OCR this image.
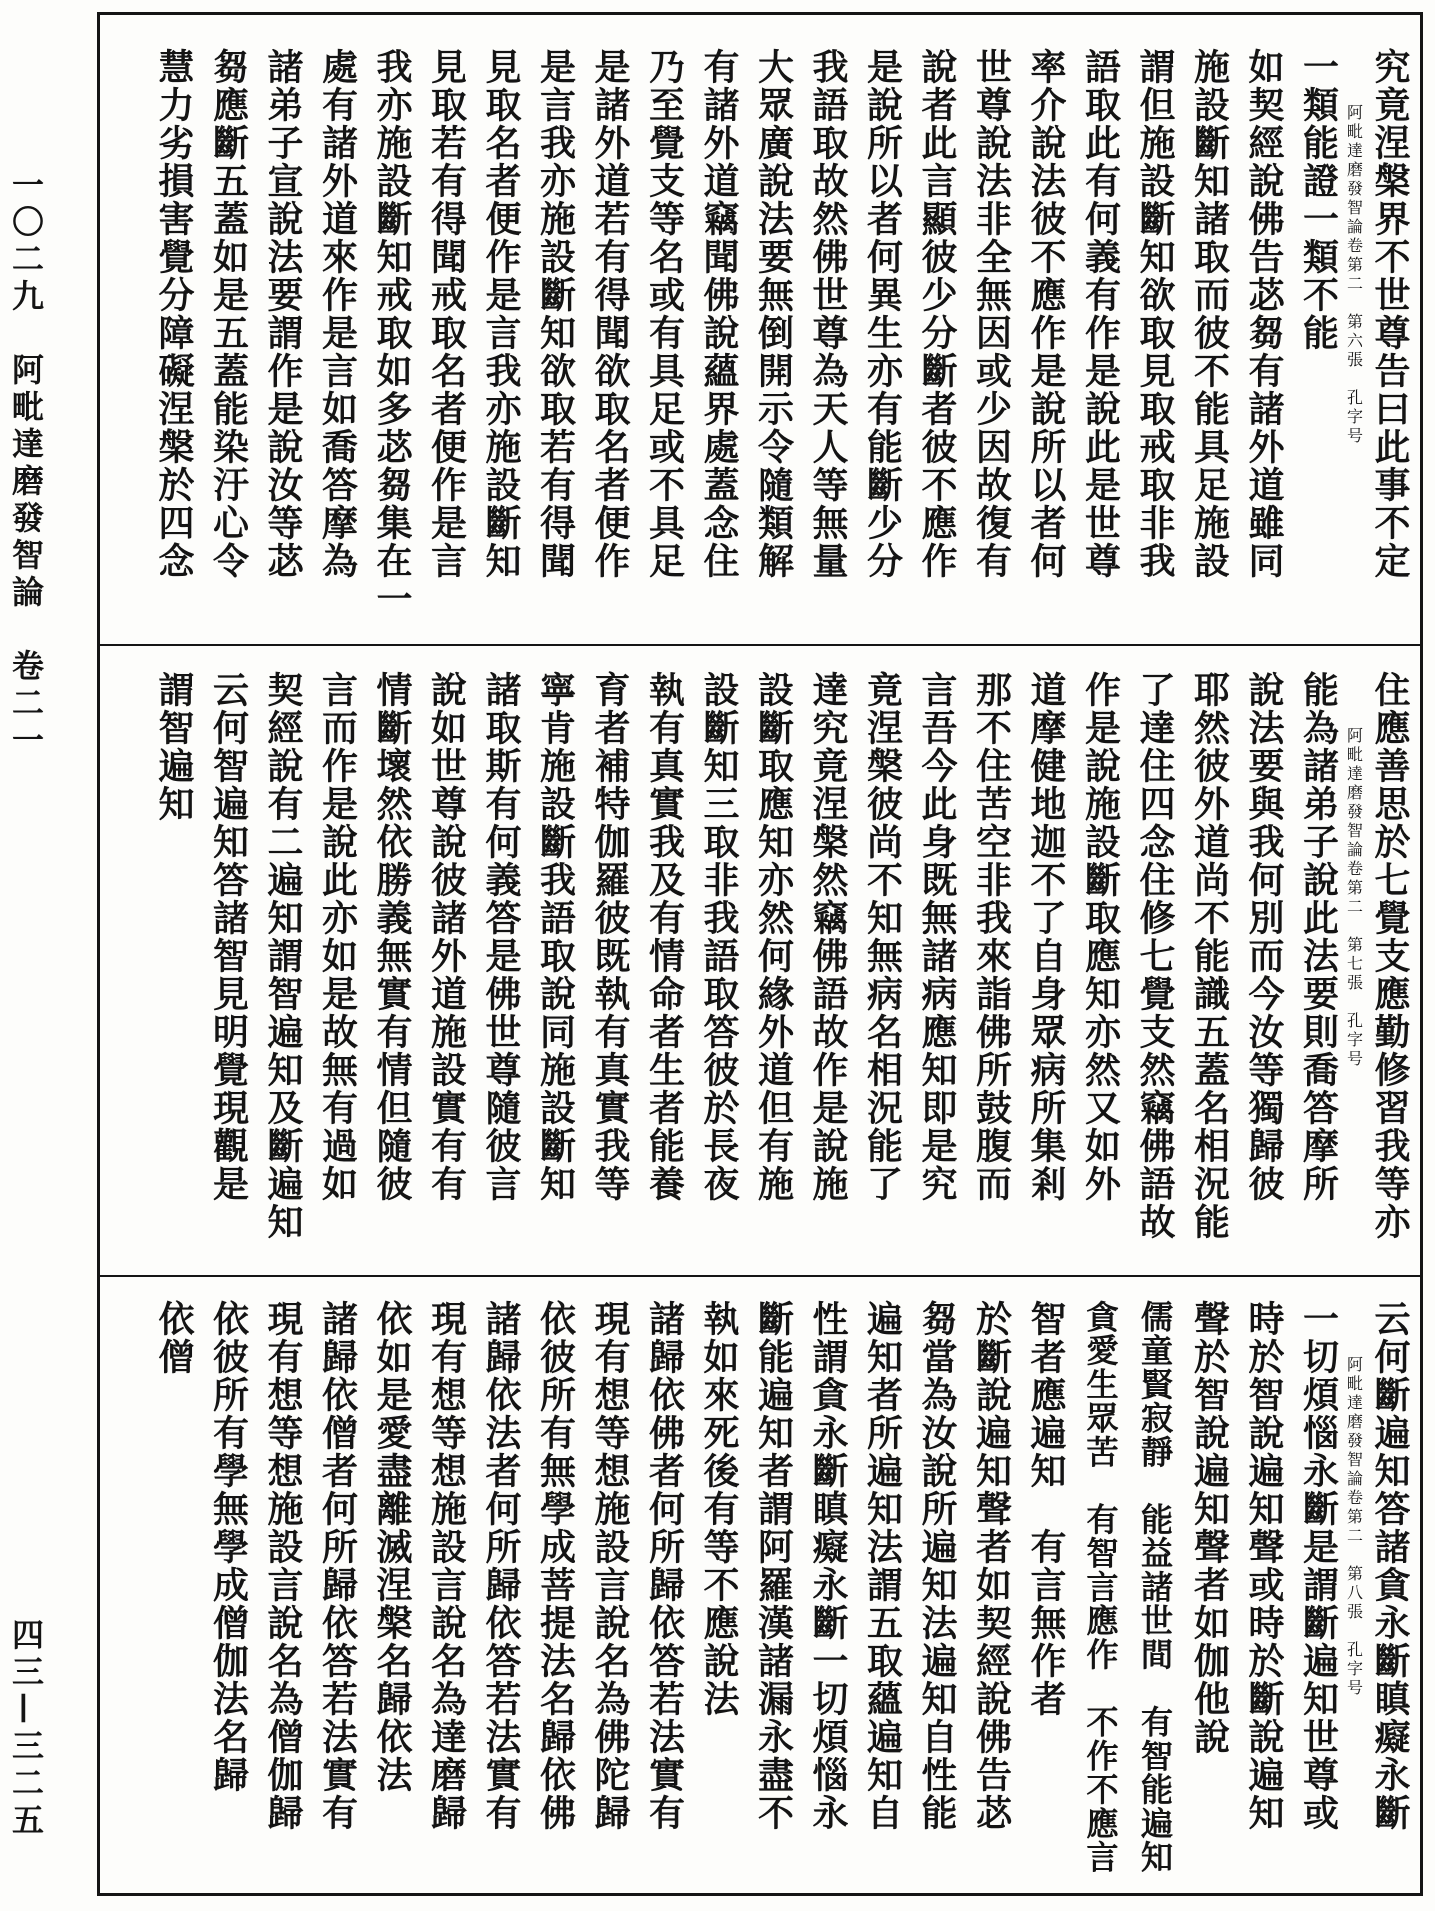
一〇二九　阿毗達磨發智論　卷二一
四三—三二五
究竟涅槃界不世尊告曰此事不定
阿毗達磨發智論卷第二　第六張　孔字号
一類能證一類不能
如契經說佛告苾芻有諸外道雖同
施設斷知諸取而彼不能具足施設
謂但施設斷知欲取見取戒取非我
語取此有何義有作是說此是世尊
率介說法彼不應作是說所以者何
世尊說法非全無因或少因故復有
說者此言顯彼少分斷者彼不應作
是說所以者何異生亦有能斷少分
我語取故然佛世尊為天人等無量
大眾廣說法要無倒開示令隨類解
有諸外道竊聞佛說蘊界處蓋念住
乃至覺支等名或有具足或不具足
是諸外道若有得聞欲取名者便作
是言我亦施設斷知欲取若有得聞
見取名者便作是言我亦施設斷知
見取若有得聞戒取名者便作是言
我亦施設斷知戒取如多苾芻集在一
處有諸外道來作是言如喬答摩為
諸弟子宣說法要謂作是說汝等苾
芻應斷五蓋如是五蓋能染汙心令
慧力劣損害覺分障礙涅槃於四念
住應善思於七覺支應勤修習我等亦
阿毗達磨發智論卷第二　第七張　孔字号
能為諸弟子說此法要則喬答摩所
說法要與我何別而今汝等獨歸彼
耶然彼外道尚不能識五蓋名相況能
了達住四念住修七覺支然竊佛語故
作是說施設斷取應知亦然又如外
道摩健地迦不了自身眾病所集剎
那不住苦空非我來詣佛所鼓腹而
言吾今此身既無諸病應知即是究
竟涅槃彼尚不知無病名相況能了
達究竟涅槃然竊佛語故作是說施
設斷取應知亦然何緣外道但有施
設斷知三取非我語取答彼於長夜
執有真實我及有情命者生者能養
育者補特伽羅彼既執有真實我等
寧肯施設斷我語取說同施設斷知
諸取斯有何義答是佛世尊隨彼言
說如世尊說彼諸外道施設實有有
情斷壞然依勝義無實有情但隨彼
言而作是說此亦如是故無有過如
契經說有二遍知謂智遍知及斷遍知
云何智遍知答諸智見明覺現觀是
謂智遍知
云何斷遍知答諸貪永斷瞋癡永斷
阿毗達磨發智論卷第二　第八張　孔字号
一切煩惱永斷是謂斷遍知世尊或
時於智說遍知聲或時於斷說遍知
聲於智說遍知聲者如伽他說
儒童賢寂靜　能益諸世間　有智能遍知
貪愛生眾苦　有智言應作　不作不應言
智者應遍知　有言無作者
於斷說遍知聲者如契經說佛告苾
芻當為汝說所遍知法遍知自性能
遍知者所遍知法謂五取蘊遍知自
性謂貪永斷瞋癡永斷一切煩惱永
斷能遍知者謂阿羅漢諸漏永盡不
執如來死後有等不應說法
諸歸依佛者何所歸依答若法實有
現有想等想施設言說名為佛陀歸
依彼所有無學成菩提法名歸依佛
諸歸依法者何所歸依答若法實有
現有想等想施設言說名為達磨歸
依如是愛盡離滅涅槃名歸依法
諸歸依僧者何所歸依答若法實有
現有想等想施設言說名為僧伽歸
依彼所有學無學成僧伽法名歸
依僧
